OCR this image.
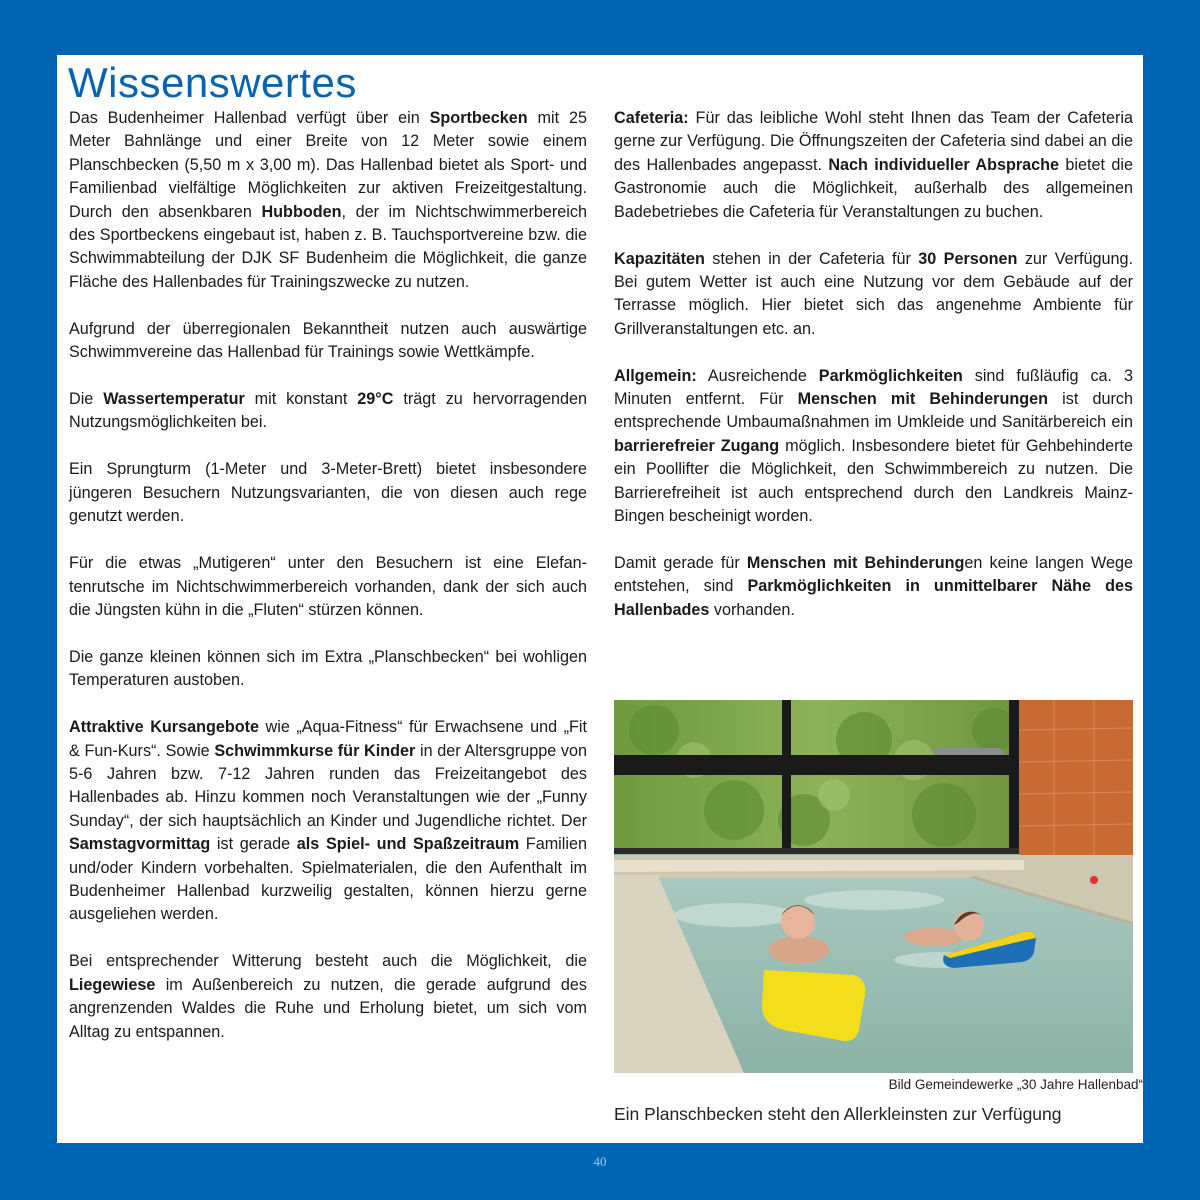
Wissenswertes

Das Budenheimer Hallenbad verfügt über ein Sportbecken mit 25 Meter Bahnlänge und einer Breite von 12 Meter sowie einem Planschbecken (5,50 m x 3,00 m). Das Hallenbad bietet als Sport- und Familienbad vielfältige Möglichkeiten zur aktiven Freizeitgestaltung. Durch den absenkbaren Hubboden, der im Nichtschwimmerbereich des Sportbeckens eingebaut ist, haben z. B. Tauchsportvereine bzw. die Schwimmabteilung der DJK SF Budenheim die Möglichkeit, die ganze Fläche des Hallenbades für Trainingszwecke zu nutzen.

Aufgrund der überregionalen Bekanntheit nutzen auch auswärtige Schwimmvereine das Hallenbad für Trainings sowie Wettkämpfe.

Die Wassertemperatur mit konstant 29°C trägt zu hervorragenden Nutzungsmöglichkeiten bei.

Ein Sprungturm (1-Meter und 3-Meter-Brett) bietet insbesondere jüngeren Besuchern Nutzungsvarianten, die von diesen auch rege genutzt werden.

Für die etwas „Mutigeren“ unter den Besuchern ist eine Elefantenrutsche im Nichtschwimmerbereich vorhanden, dank der sich auch die Jüngsten kühn in die „Fluten“ stürzen können.

Die ganze kleinen können sich im Extra „Planschbecken“ bei wohligen Temperaturen austoben.

Attraktive Kursangebote wie „Aqua-Fitness“ für Erwachsene und „Fit & Fun-Kurs“. Sowie Schwimmkurse für Kinder in der Altersgruppe von 5-6 Jahren bzw. 7-12 Jahren runden das Freizeitangebot des Hallenbades ab. Hinzu kommen noch Veranstaltungen wie der „Funny Sunday“, der sich hauptsächlich an Kinder und Jugendliche richtet. Der Samstagvormittag ist gerade als Spiel- und Spaßzeitraum Familien und/oder Kindern vorbehalten. Spielmaterialen, die den Aufenthalt im Budenheimer Hallenbad kurzweilig gestalten, können hierzu gerne ausgeliehen werden.

Bei entsprechender Witterung besteht auch die Möglichkeit, die Liegewiese im Außenbereich zu nutzen, die gerade aufgrund des angrenzenden Waldes die Ruhe und Erholung bietet, um sich vom Alltag zu entspannen.

Cafeteria: Für das leibliche Wohl steht Ihnen das Team der Cafeteria gerne zur Verfügung. Die Öffnungszeiten der Cafeteria sind dabei an die des Hallenbades angepasst. Nach individueller Absprache bietet die Gastronomie auch die Möglichkeit, außerhalb des allgemeinen Badebetriebes die Cafeteria für Veranstaltungen zu buchen.

Kapazitäten stehen in der Cafeteria für 30 Personen zur Verfügung. Bei gutem Wetter ist auch eine Nutzung vor dem Gebäude auf der Terrasse möglich. Hier bietet sich das angenehme Ambiente für Grillveranstaltungen etc. an.

Allgemein: Ausreichende Parkmöglichkeiten sind fußläufig ca. 3 Minuten entfernt. Für Menschen mit Behinderungen ist durch entsprechende Umbaumaßnahmen im Umkleide und Sanitärbereich ein barrierefreier Zugang möglich. Insbesondere bietet für Gehbehinderte ein Poollifter die Möglichkeit, den Schwimmbereich zu nutzen. Die Barrierefreiheit ist auch entsprechend durch den Landkreis Mainz-Bingen bescheinigt worden.

Damit gerade für Menschen mit Behinderungen keine langen Wege entstehen, sind Parkmöglichkeiten in unmittelbarer Nähe des Hallenbades vorhanden.

Bild Gemeindewerke „30 Jahre Hallenbad“
Ein Planschbecken steht den Allerkleinsten zur Verfügung
40
